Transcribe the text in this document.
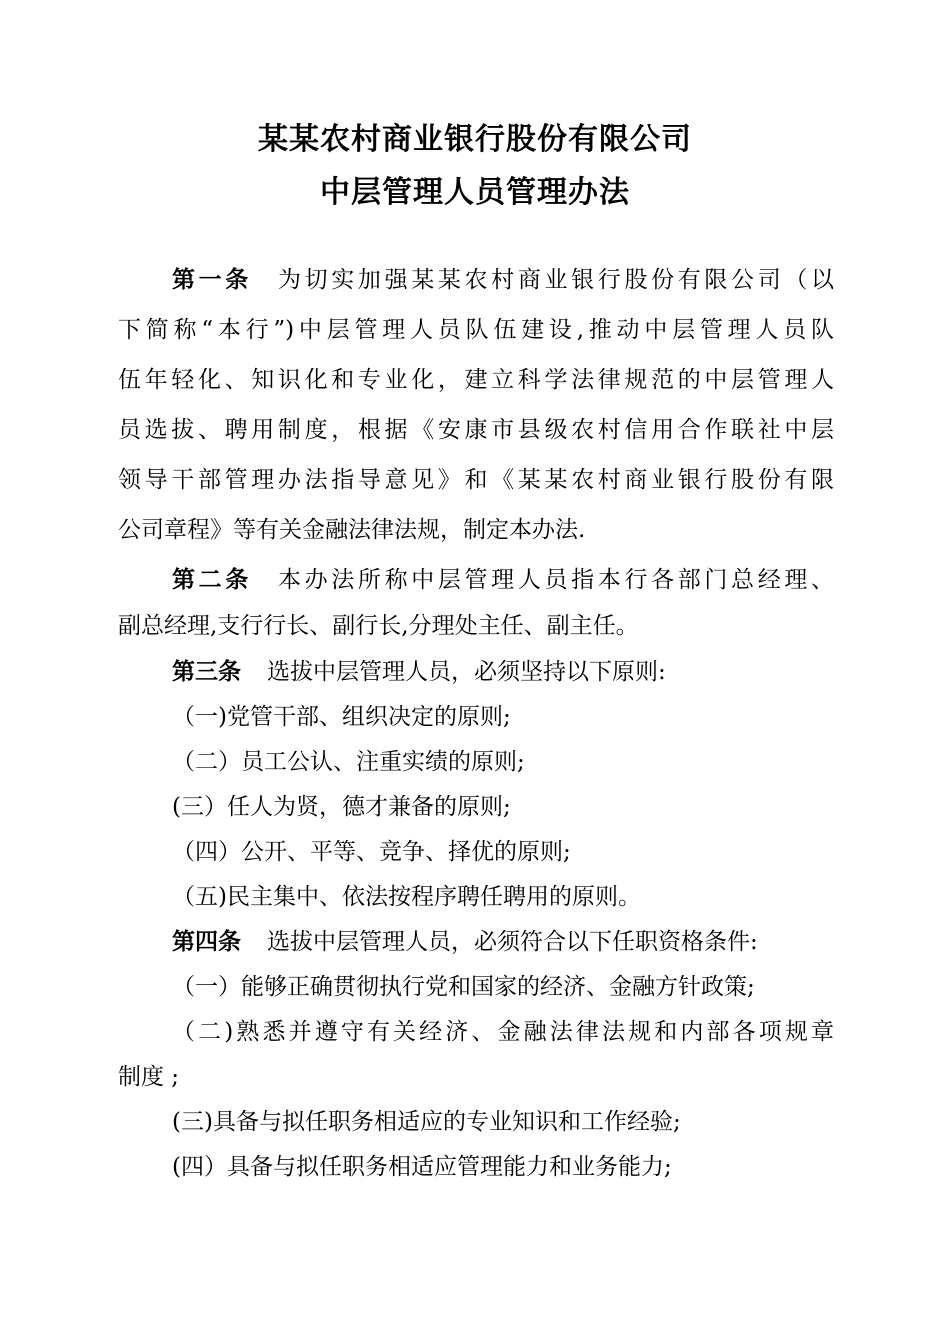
某某农村商业银行股份有限公司
中层管理人员管理办法
第一条 为切实加强某某农村商业银行股份有限公司（以
下简称“本行”)中层管理人员队伍建设,推动中层管理人员队
伍年轻化、知识化和专业化，建立科学法律规范的中层管理人
员选拔、聘用制度，根据《安康市县级农村信用合作联社中层
领导干部管理办法指导意见》和《某某农村商业银行股份有限
公司章程》等有关金融法律法规，制定本办法.
第二条 本办法所称中层管理人员指本行各部门总经理、
副总经理,支行行长、副行长,分理处主任、副主任。
第三条 选拔中层管理人员，必须坚持以下原则:
（一)党管干部、组织决定的原则;
（二）员工公认、注重实绩的原则;
(三）任人为贤，德才兼备的原则;
（四）公开、平等、竞争、择优的原则;
（五)民主集中、依法按程序聘任聘用的原则。
第四条 选拔中层管理人员，必须符合以下任职资格条件:
（一）能够正确贯彻执行党和国家的经济、金融方针政策;
（二)熟悉并遵守有关经济、金融法律法规和内部各项规章
制度 ;
(三)具备与拟任职务相适应的专业知识和工作经验;
(四）具备与拟任职务相适应管理能力和业务能力;
